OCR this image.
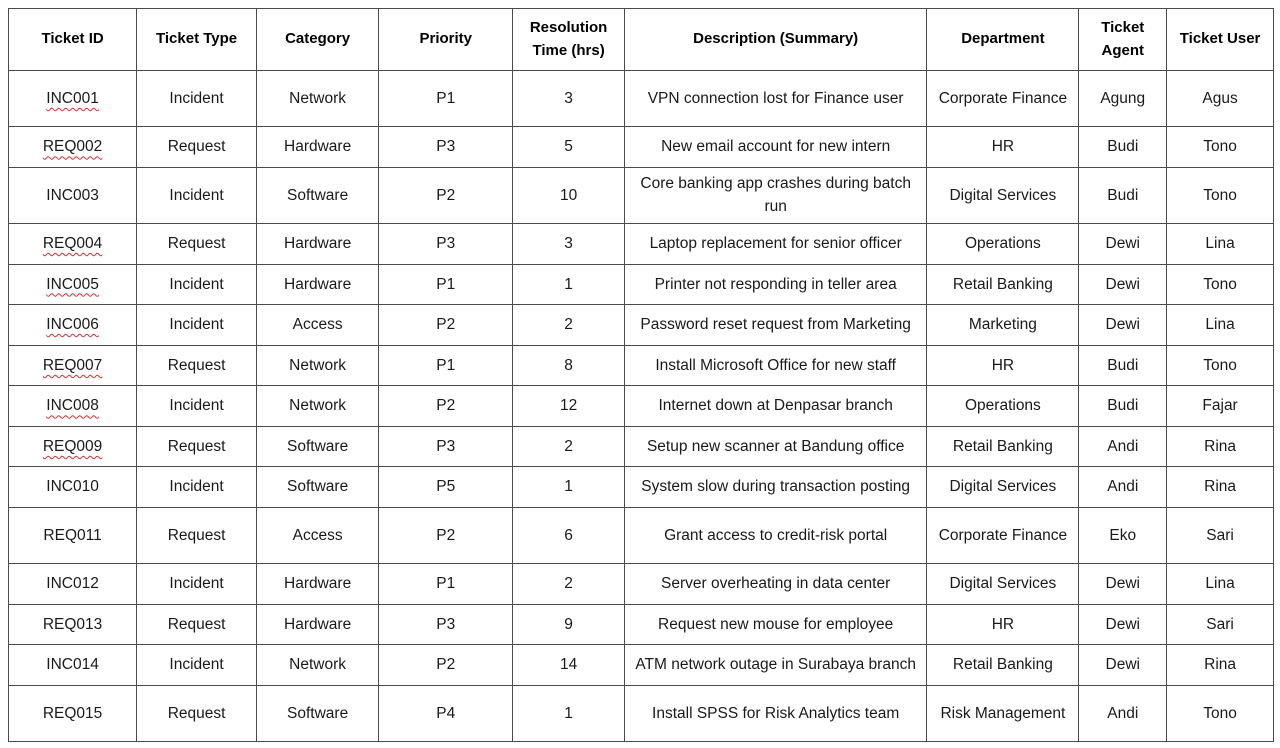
Ticket ID	Ticket Type	Category	Priority	Resolution Time (hrs)	Description (Summary)	Department	Ticket Agent	Ticket User
INC001	Incident	Network	P1	3	VPN connection lost for Finance user	Corporate Finance	Agung	Agus
REQ002	Request	Hardware	P3	5	New email account for new intern	HR	Budi	Tono
INC003	Incident	Software	P2	10	Core banking app crashes during batch run	Digital Services	Budi	Tono
REQ004	Request	Hardware	P3	3	Laptop replacement for senior officer	Operations	Dewi	Lina
INC005	Incident	Hardware	P1	1	Printer not responding in teller area	Retail Banking	Dewi	Tono
INC006	Incident	Access	P2	2	Password reset request from Marketing	Marketing	Dewi	Lina
REQ007	Request	Network	P1	8	Install Microsoft Office for new staff	HR	Budi	Tono
INC008	Incident	Network	P2	12	Internet down at Denpasar branch	Operations	Budi	Fajar
REQ009	Request	Software	P3	2	Setup new scanner at Bandung office	Retail Banking	Andi	Rina
INC010	Incident	Software	P5	1	System slow during transaction posting	Digital Services	Andi	Rina
REQ011	Request	Access	P2	6	Grant access to credit-risk portal	Corporate Finance	Eko	Sari
INC012	Incident	Hardware	P1	2	Server overheating in data center	Digital Services	Dewi	Lina
REQ013	Request	Hardware	P3	9	Request new mouse for employee	HR	Dewi	Sari
INC014	Incident	Network	P2	14	ATM network outage in Surabaya branch	Retail Banking	Dewi	Rina
REQ015	Request	Software	P4	1	Install SPSS for Risk Analytics team	Risk Management	Andi	Tono
